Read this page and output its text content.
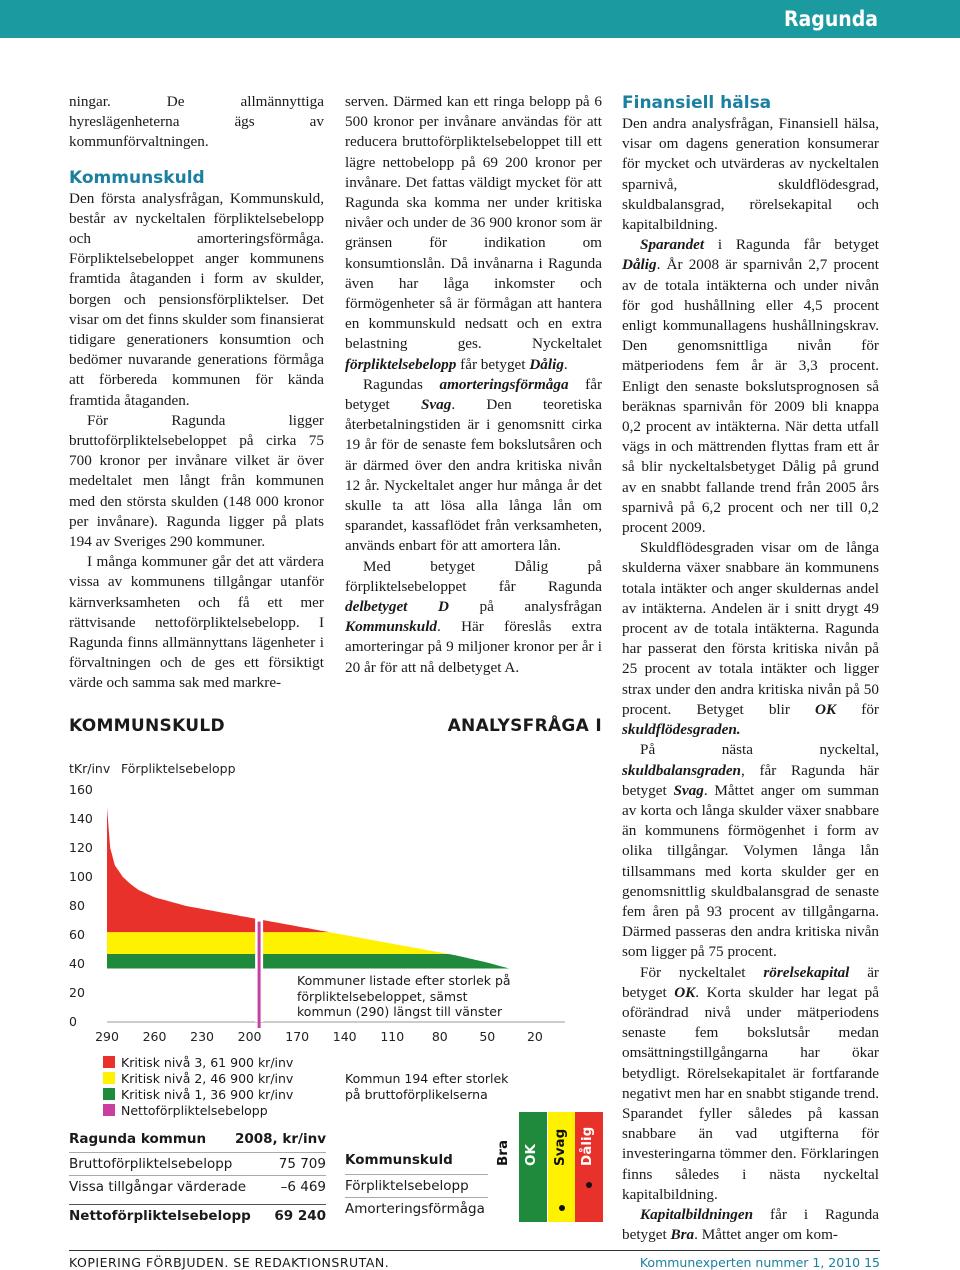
Ragunda

ningar. De allmännyttiga hyreslägenheterna ägs av kommunförvaltningen.

Kommunskuld

Den första analysfrågan, Kommunskuld, består av nyckeltalen förpliktelsebelopp och amorteringsförmåga. Förpliktelsebeloppet anger kommunens framtida åtaganden i form av skulder, borgen och pensionsförpliktelser. Det visar om det finns skulder som finansierat tidigare generationers konsumtion och bedömer nuvarande generations förmåga att förbereda kommunen för kända framtida åtaganden.

För Ragunda ligger bruttoförpliktelsebeloppet på cirka 75 700 kronor per invånare vilket är över medeltalet men långt från kommunen med den största skulden (148 000 kronor per invånare). Ragunda ligger på plats 194 av Sveriges 290 kommuner.

I många kommuner går det att värdera vissa av kommunens tillgångar utanför kärnverksamheten och få ett mer rättvisande nettoförpliktelsebelopp. I Ragunda finns allmännyttans lägenheter i förvaltningen och de ges ett försiktigt värde och samma sak med markre-

serven. Därmed kan ett ringa belopp på 6 500 kronor per invånare användas för att reducera bruttoförpliktelsebeloppet till ett lägre nettobelopp på 69 200 kronor per invånare. Det fattas väldigt mycket för att Ragunda ska komma ner under kritiska nivåer och under de 36 900 kronor som är gränsen för indikation om konsumtionslån. Då invånarna i Ragunda även har låga inkomster och förmögenheter så är förmågan att hantera en kommunskuld nedsatt och en extra belastning ges. Nyckeltalet förpliktelsebelopp får betyget Dålig.

Ragundas amorteringsförmåga får betyget Svag. Den teoretiska återbetalningstiden är i genomsnitt cirka 19 år för de senaste fem bokslutsåren och är därmed över den andra kritiska nivån 12 år. Nyckeltalet anger hur många år det skulle ta att lösa alla långa lån om sparandet, kassaflödet från verksamheten, används enbart för att amortera lån.

Med betyget Dålig på förpliktelsebeloppet får Ragunda delbetyget D på analysfrågan Kommunskuld. Här föreslås extra amorteringar på 9 miljoner kronor per år i 20 år för att nå delbetyget A.

Finansiell hälsa

Den andra analysfrågan, Finansiell hälsa, visar om dagens generation konsumerar för mycket och utvärderas av nyckeltalen sparnivå, skuldflödesgrad, skuldbalansgrad, rörelsekapital och kapitalbildning.

Sparandet i Ragunda får betyget Dålig. År 2008 är sparnivån 2,7 procent av de totala intäkterna och under nivån för god hushållning eller 4,5 procent enligt kommunallagens hushållningskrav. Den genomsnittliga nivån för mätperiodens fem år är 3,3 procent. Enligt den senaste bokslutsprognosen så beräknas sparnivån för 2009 bli knappa 0,2 procent av intäkterna. När detta utfall vägs in och mättrenden flyttas fram ett år så blir nyckeltalsbetyget Dålig på grund av en snabbt fallande trend från 2005 års sparnivå på 6,2 procent och ner till 0,2 procent 2009.

Skuldflödesgraden visar om de långa skulderna växer snabbare än kommunens totala intäkter och anger skuldernas andel av intäkterna. Andelen är i snitt drygt 49 procent av de totala intäkterna. Ragunda har passerat den första kritiska nivån på 25 procent av totala intäkter och ligger strax under den andra kritiska nivån på 50 procent. Betyget blir OK för skuldflödesgraden.

På nästa nyckeltal, skuldbalansgraden, får Ragunda här betyget Svag. Måttet anger om summan av korta och långa skulder växer snabbare än kommunens förmögenhet i form av olika tillgångar. Volymen långa lån tillsammans med korta skulder ger en genomsnittlig skuldbalansgrad de senaste fem åren på 93 procent av tillgångarna. Därmed passeras den andra kritiska nivån som ligger på 75 procent.

För nyckeltalet rörelsekapital är betyget OK. Korta skulder har legat på oförändrad nivå under mätperiodens senaste fem bokslutsår medan omsättningstillgångarna har ökar betydligt. Rörelsekapitalet är fortfarande negativt men har en snabbt stigande trend. Sparandet fyller således på kassan snabbare än vad utgifterna för investeringarna tömmer den. Förklaringen finns således i nästa nyckeltal kapitalbildning.

Kapitalbildningen får i Ragunda betyget Bra. Måttet anger om kom-

KOMMUNSKULD	ANALYSFRÅGA I
tKr/inv Förpliktelsebelopp
0
20
40
60
80
100
120
140
160
290 260 230 200 170 140 110 80	50	20
Kritisk nivå 3, 61 900 kr/inv
Kritisk nivå 2, 46 900 kr/inv
Kritisk nivå 1, 36 900 kr/inv
Nettoförpliktelsebelopp
Kommuner listade efter storlek på förpliktelsebeloppet, sämst kommun (290) längst till vänster
Kommun 194 efter storlek på bruttoförplikelserna
Ragunda kommun 2008, kr/inv
Bruttoförpliktelsebelopp	75 709
Vissa tillgångar värderade	–6 469
Nettoförpliktelsebelopp 69 240
Kommunskuld
Förpliktelsebelopp
Amorteringsförmåga
Bra OK Svag Dålig
KOPIERING FÖRBJUDEN. SE REDAKTIONSRUTAN.	Kommunexperten nummer 1, 2010 15
